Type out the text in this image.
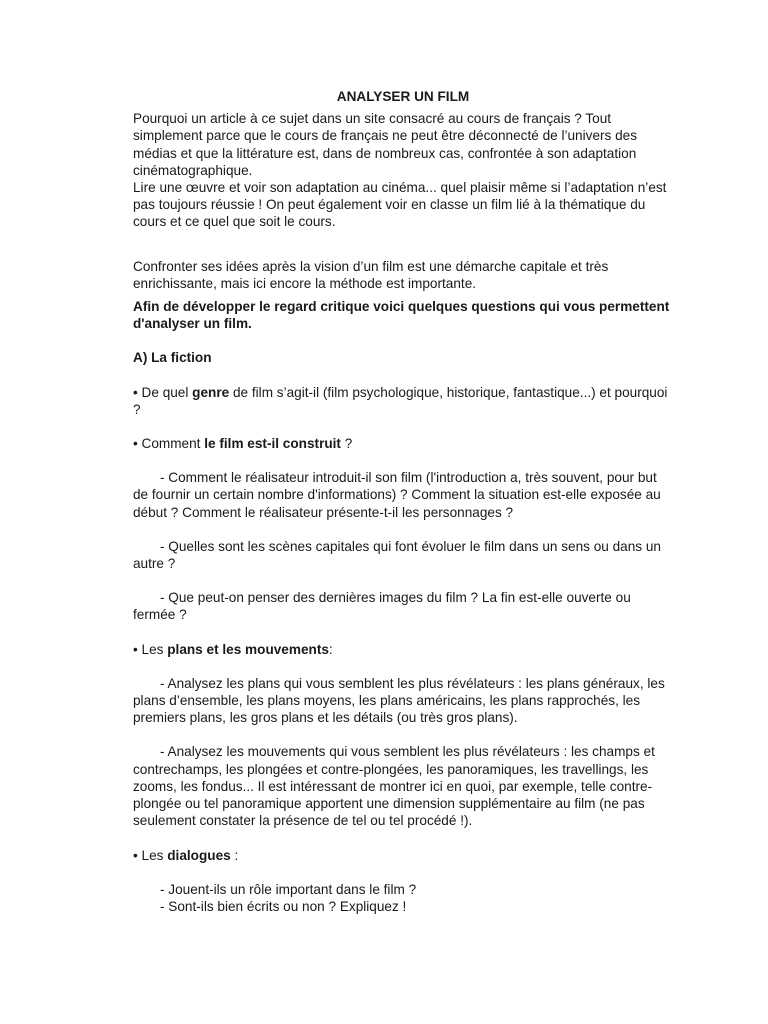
ANALYSER UN FILM

Pourquoi un article à ce sujet dans un site consacré au cours de français ? Tout simplement parce que le cours de français ne peut être déconnecté de l’univers des médias et que la littérature est, dans de nombreux cas, confrontée à son adaptation cinématographique.

Lire une œuvre et voir son adaptation au cinéma... quel plaisir même si l’adaptation n’est pas toujours réussie ! On peut également voir en classe un film lié à la thématique du cours et ce quel que soit le cours.

Confronter ses idées après la vision d’un film est une démarche capitale et très enrichissante, mais ici encore la méthode est importante.

Afin de développer le regard critique voici quelques questions qui vous permettent d'analyser un film.

A) La fiction

• De quel genre de film s’agit-il (film psychologique, historique, fantastique...) et pourquoi ?

• Comment le film est-il construit ?

- Comment le réalisateur introduit-il son film (l'introduction a, très souvent, pour but de fournir un certain nombre d'informations) ? Comment la situation est-elle exposée au début ? Comment le réalisateur présente-t-il les personnages ?

- Quelles sont les scènes capitales qui font évoluer le film dans un sens ou dans un autre ?

- Que peut-on penser des dernières images du film ? La fin est-elle ouverte ou fermée ?

• Les plans et les mouvements:

- Analysez les plans qui vous semblent les plus révélateurs : les plans généraux, les plans d’ensemble, les plans moyens, les plans américains, les plans rapprochés, les premiers plans, les gros plans et les détails (ou très gros plans).

- Analysez les mouvements qui vous semblent les plus révélateurs : les champs et contrechamps, les plongées et contre-plongées, les panoramiques, les travellings, les zooms, les fondus... Il est intéressant de montrer ici en quoi, par exemple, telle contre-plongée ou tel panoramique apportent une dimension supplémentaire au film (ne pas seulement constater la présence de tel ou tel procédé !).

• Les dialogues :

- Jouent-ils un rôle important dans le film ?

- Sont-ils bien écrits ou non ? Expliquez !
